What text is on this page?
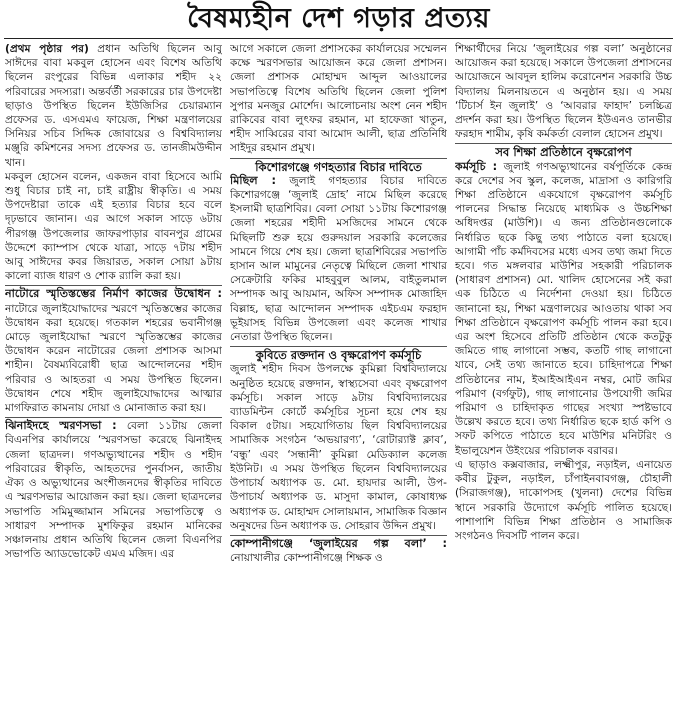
বৈষম্যহীন দেশ গড়ার প্রত্যয়

(প্রথম পৃষ্ঠার পর) প্রধান অতিথি ছিলেন আবু সাঈদের বাবা মকবুল হোসেন এবং বিশেষ অতিথি ছিলেন রংপুরের বিভিন্ন এলাকার শহীদ ২২ পরিবারের সদস্যরা। অন্তর্বর্তী সরকারের চার উপদেষ্টা ছাড়াও উপস্থিত ছিলেন ইউজিসির চেয়ারম্যান প্রফেসর ড. এসএমএ ফায়েজ, শিক্ষা মন্ত্রণালয়ের সিনিয়র সচিব সিদ্দিক জোবায়ের ও বিশ্ববিদ্যালয় মঞ্জুরি কমিশনের সদস্য প্রফেসর ড. তানজীমউদ্দীন খান।

মকবুল হোসেন বলেন, একজন বাবা হিসেবে আমি শুধু বিচার চাই না, চাই রাষ্ট্রীয় স্বীকৃতি। এ সময় উপদেষ্টারা তাকে এই হত্যার বিচার হবে বলে দৃঢ়ভাবে জানান। এর আগে সকাল সাড়ে ৬টায় পীরগঞ্জ উপজেলার জাফরপাড়ার বাবনপুর গ্রামের উদ্দেশে ক্যাম্পাস থেকে যাত্রা, সাড়ে ৭টায় শহীদ আবু সাঈদের কবর জিয়ারত, সকাল সোয়া ৯টায় কালো ব্যাজ ধারণ ও শোক র‌্যালি করা হয়।

নাটোরে স্মৃতিস্তম্ভের নির্মাণ কাজের উদ্বোধন : নাটোরে জুলাইযোদ্ধাদের স্মরণে স্মৃতিস্তম্ভের কাজের উদ্বোধন করা হয়েছে। গতকাল শহরের ভবানীগঞ্জ মোড়ে জুলাইযোদ্ধা স্মরণে স্মৃতিস্তম্ভের কাজের উদ্বোধন করেন নাটোরের জেলা প্রশাসক আসমা শাহীন। বৈষম্যবিরোধী ছাত্র আন্দোলনের শহীদ পরিবার ও আহতরা এ সময় উপস্থিত ছিলেন। উদ্বোধন শেষে শহীদ জুলাইযোদ্ধাদের আত্মার মাগফিরাত কামনায় দোয়া ও মোনাজাত করা হয়।

ঝিনাইদহে স্মরণসভা : বেলা ১১টায় জেলা বিএনপির কার্যালয়ে ‘স্মরণসভা করেছে ঝিনাইদহ জেলা ছাত্রদল। গণঅভ্যুত্থানের শহীদ ও শহীদ পরিবারের স্বীকৃতি, আহতদের পুনর্বাসন, জাতীয় ঐক্য ও অভ্যুত্থানের অংশীজনদের স্বীকৃতির দাবিতে এ স্মরণসভার আয়োজন করা হয়। জেলা ছাত্রদলের সভাপতি সমিমুজ্জামান সমিনের সভাপতিত্বে ও সাধারণ সম্পাদক মুশফিকুর রহমান মানিকের সঞ্চালনায় প্রধান অতিথি ছিলেন জেলা বিএনপির সভাপতি অ্যাডভোকেট এমএ মজিদ। এর

আগে সকালে জেলা প্রশাসকের কার্যালয়ের সম্মেলন কক্ষে স্মরণসভার আয়োজন করে জেলা প্রশাসন। জেলা প্রশাসক মোহাম্মদ আব্দুল আওয়ালের সভাপতিত্বে বিশেষ অতিথি ছিলেন জেলা পুলিশ সুপার মনজুর মোর্শেদ। আলোচনায় অংশ নেন শহীদ রাকিবের বাবা লুৎফর রহমান, মা হাফেজা খাতুন, শহীদ সাব্বিরের বাবা আমোদ আলী, ছাত্র প্রতিনিধি সাইদুর রহমান প্রমুখ।

কিশোরগঞ্জে গণহত্যার বিচার দাবিতে

মিছিল : জুলাই গণহত্যার বিচার দাবিতে কিশোরগঞ্জে ‘জুলাই দ্রোহ’ নামে মিছিল করেছে ইসলামী ছাত্রশিবির। বেলা সোয়া ১১টায় কিশোরগঞ্জ জেলা শহরের শহীদী মসজিদের সামনে থেকে মিছিলটি শুরু হয়ে গুরুদয়াল সরকারি কলেজের সামনে গিয়ে শেষ হয়। জেলা ছাত্রশিবিরের সভাপতি হাসান আল মামুনের নেতৃত্বে মিছিলে জেলা শাখার সেক্রেটারি ফকির মাহবুবুল আলম, বাইতুলমাল সম্পাদক আবু আয়মান, অফিস সম্পাদক মোজাহিদ বিল্লাহ, ছাত্র আন্দোলন সম্পাদক এইচএম ফরহাদ ভূইয়াসহ বিভিন্ন উপজেলা এবং কলেজ শাখার নেতারা উপস্থিত ছিলেন।

কুবিতে রক্তদান ও বৃক্ষরোপণ কর্মসূচি

জুলাই শহীদ দিবস উপলক্ষে কুমিল্লা বিশ্ববিদ্যালয়ে অনুষ্ঠিত হয়েছে রক্তদান, স্বাস্থ্যসেবা এবং বৃক্ষরোপণ কর্মসূচি। সকাল সাড়ে ৯টায় বিশ্ববিদ্যালয়ের ব্যাডমিন্টন কোর্টে কর্মসূচির সূচনা হয়ে শেষ হয় বিকাল ৫টায়। সহযোগিতায় ছিল বিশ্ববিদ্যালয়ের সামাজিক সংগঠন ‘অভয়ারণ্য’, ‘রোটার‌্যাক্ট ক্লাব’, ‘বন্ধু’ এবং ‘সন্ধানী’ কুমিল্লা মেডিক্যাল কলেজ ইউনিট। এ সময় উপস্থিত ছিলেন বিশ্ববিদ্যালয়ের উপাচার্য অধ্যাপক ড. মো. হায়দার আলী, উপ-উপাচার্য অধ্যাপক ড. মাসুদা কামাল, কোষাধ্যক্ষ অধ্যাপক ড. মোহাম্মদ সোলায়মান, সামাজিক বিজ্ঞান অনুষদের ডিন অধ্যাপক ড. সোহরাব উদ্দিন প্রমুখ।

কোম্পানীগঞ্জে ‘জুলাইয়ের গল্প বলা’ : নোয়াখালীর কোম্পানীগঞ্জে শিক্ষক ও

শিক্ষার্থীদের নিয়ে ‘জুলাইয়ের গল্প বলা’ অনুষ্ঠানের আয়োজন করা হয়েছে। সকালে উপজেলা প্রশাসনের আয়োজনে আবদুল হালিম করোনেশন সরকারি উচ্চ বিদ্যালয় মিলনায়তনে এ অনুষ্ঠান হয়। এ সময় ‘টিচার্স ইন জুলাই’ ও ‘আবরার ফাহাদ’ চলচ্চিত্র প্রদর্শন করা হয়। উপস্থিত ছিলেন ইউএনও তানভীর ফরহাদ শামীম, কৃষি কর্মকর্তা বেলাল হোসেন প্রমুখ।

সব শিক্ষা প্রতিষ্ঠানে বৃক্ষরোপণ

কর্মসূচি : জুলাই গণঅভ্যুত্থানের বর্ষপূর্তিকে কেন্দ্র করে দেশের সব স্কুল, কলেজ, মাদ্রাসা ও কারিগরি শিক্ষা প্রতিষ্ঠানে একযোগে বৃক্ষরোপণ কর্মসূচি পালনের সিদ্ধান্ত নিয়েছে মাধ্যমিক ও উচ্চশিক্ষা অধিদপ্তর (মাউশি)। এ জন্য প্রতিষ্ঠানগুলোকে নির্ধারিত ছকে কিছু তথ্য পাঠাতে বলা হয়েছে। আগামী পাঁচ কর্মদিবসের মধ্যে এসব তথ্য জমা দিতে হবে। গত মঙ্গলবার মাউশির সহকারী পরিচালক (সাধারণ প্রশাসন) মো. খালিদ হোসেনের সই করা এক চিঠিতে এ নির্দেশনা দেওয়া হয়। চিঠিতে জানানো হয়, শিক্ষা মন্ত্রণালয়ের আওতায় থাকা সব শিক্ষা প্রতিষ্ঠানে বৃক্ষরোপণ কর্মসূচি পালন করা হবে। এর অংশ হিসেবে প্রতিটি প্রতিষ্ঠান থেকে কতটুকু জমিতে গাছ লাগানো সম্ভব, কতটি গাছ লাগানো যাবে, সেই তথ্য জানাতে হবে। চাহিদাপত্রে শিক্ষা প্রতিষ্ঠানের নাম, ইআইআইএন নম্বর, মোট জমির পরিমাণ (বর্গফুট), গাছ লাগানোর উপযোগী জমির পরিমাণ ও চাহিদাকৃত গাছের সংখ্যা স্পষ্টভাবে উল্লেখ করতে হবে। তথ্য নির্ধারিত ছকে হার্ড কপি ও সফট কপিতে পাঠাতে হবে মাউশির মনিটরিং ও ইভালুয়েশন উইংয়ের পরিচালক বরাবর।

এ ছাড়াও কক্সবাজার, লক্ষ্মীপুর, নড়াইল, এনায়েত কবীর টুকুল, নড়াইল, চাঁপাইনবাবগঞ্জ, চৌহালী (সিরাজগঞ্জ), দাকোপসহ (খুলনা) দেশের বিভিন্ন স্থানে সরকারি উদ্যোগে কর্মসূচি পালিত হয়েছে। পাশাপাশি বিভিন্ন শিক্ষা প্রতিষ্ঠান ও সামাজিক সংগঠনও দিবসটি পালন করে।
